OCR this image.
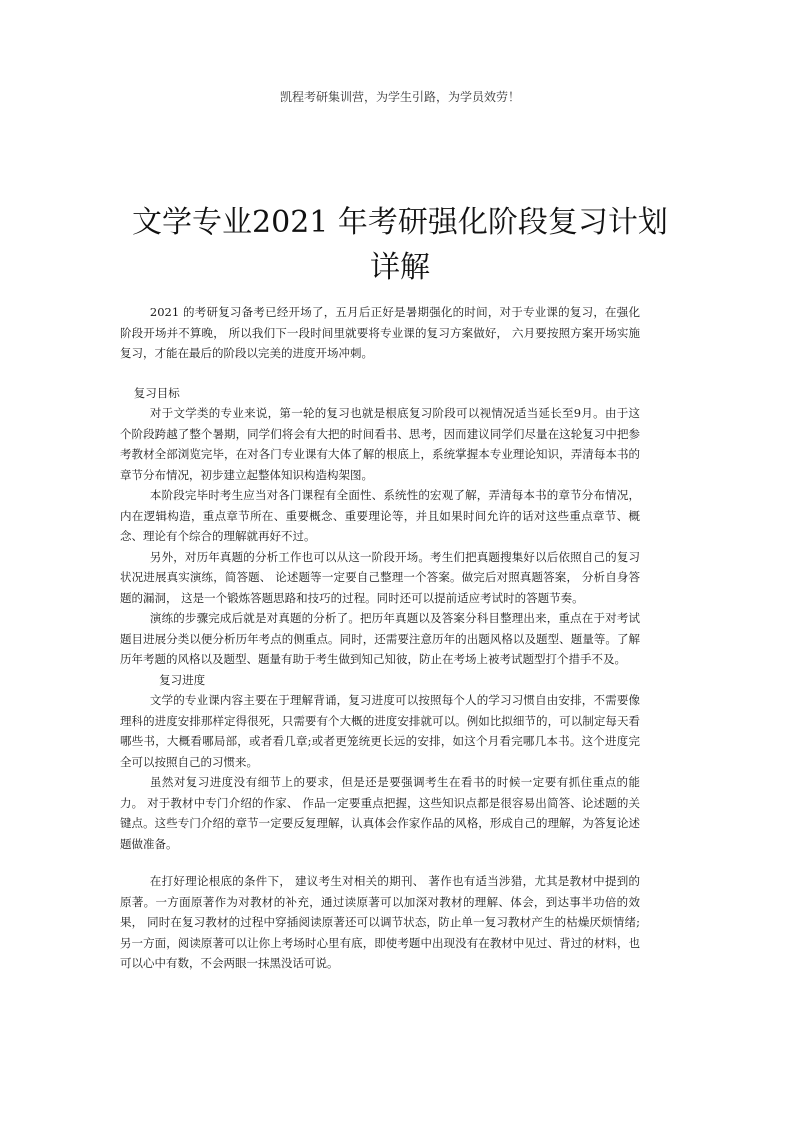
凯程考研集训营，为学生引路，为学员效劳！
文学专业2021 年考研强化阶段复习计划详解

2021 的考研复习备考已经开场了，五月后正好是暑期强化的时间，对于专业课的复习，在强化阶段开场并不算晚， 所以我们下一段时间里就要将专业课的复习方案做好， 六月要按照方案开场实施复习，才能在最后的阶段以完美的进度开场冲刺。

复习目标

对于文学类的专业来说，第一轮的复习也就是根底复习阶段可以视情况适当延长至9月。由于这个阶段跨越了整个暑期，同学们将会有大把的时间看书、思考，因而建议同学们尽量在这轮复习中把参考教材全部浏览完毕，在对各门专业课有大体了解的根底上，系统掌握本专业理论知识，弄清每本书的章节分布情况，初步建立起整体知识构造构架图。

本阶段完毕时考生应当对各门课程有全面性、系统性的宏观了解，弄清每本书的章节分布情况，内在逻辑构造，重点章节所在、重要概念、重要理论等，并且如果时间允许的话对这些重点章节、概念、理论有个综合的理解就再好不过。

另外，对历年真题的分析工作也可以从这一阶段开场。考生们把真题搜集好以后依照自己的复习状况进展真实演练，简答题、 论述题等一定要自己整理一个答案。做完后对照真题答案， 分析自身答题的漏洞， 这是一个锻炼答题思路和技巧的过程。同时还可以提前适应考试时的答题节奏。

演练的步骤完成后就是对真题的分析了。把历年真题以及答案分科目整理出来，重点在于对考试题目进展分类以便分析历年考点的侧重点。同时，还需要注意历年的出题风格以及题型、题量等。了解历年考题的风格以及题型、题量有助于考生做到知己知彼，防止在考场上被考试题型打个措手不及。

复习进度

文学的专业课内容主要在于理解背诵，复习进度可以按照每个人的学习习惯自由安排，不需要像理科的进度安排那样定得很死，只需要有个大概的进度安排就可以。例如比拟细节的，可以制定每天看哪些书，大概看哪局部，或者看几章;或者更笼统更长远的安排，如这个月看完哪几本书。这个进度完全可以按照自己的习惯来。

虽然对复习进度没有细节上的要求，但是还是要强调考生在看书的时候一定要有抓住重点的能力。 对于教材中专门介绍的作家、 作品一定要重点把握，这些知识点都是很容易出简答、论述题的关键点。这些专门介绍的章节一定要反复理解，认真体会作家作品的风格，形成自己的理解，为答复论述题做准备。

在打好理论根底的条件下， 建议考生对相关的期刊、 著作也有适当涉猎，尤其是教材中提到的原著。一方面原著作为对教材的补充，通过读原著可以加深对教材的理解、体会，到达事半功倍的效果， 同时在复习教材的过程中穿插阅读原著还可以调节状态，防止单一复习教材产生的枯燥厌烦情绪;另一方面，阅读原著可以让你上考场时心里有底，即使考题中出现没有在教材中见过、背过的材料，也可以心中有数，不会两眼一抹黑没话可说。
